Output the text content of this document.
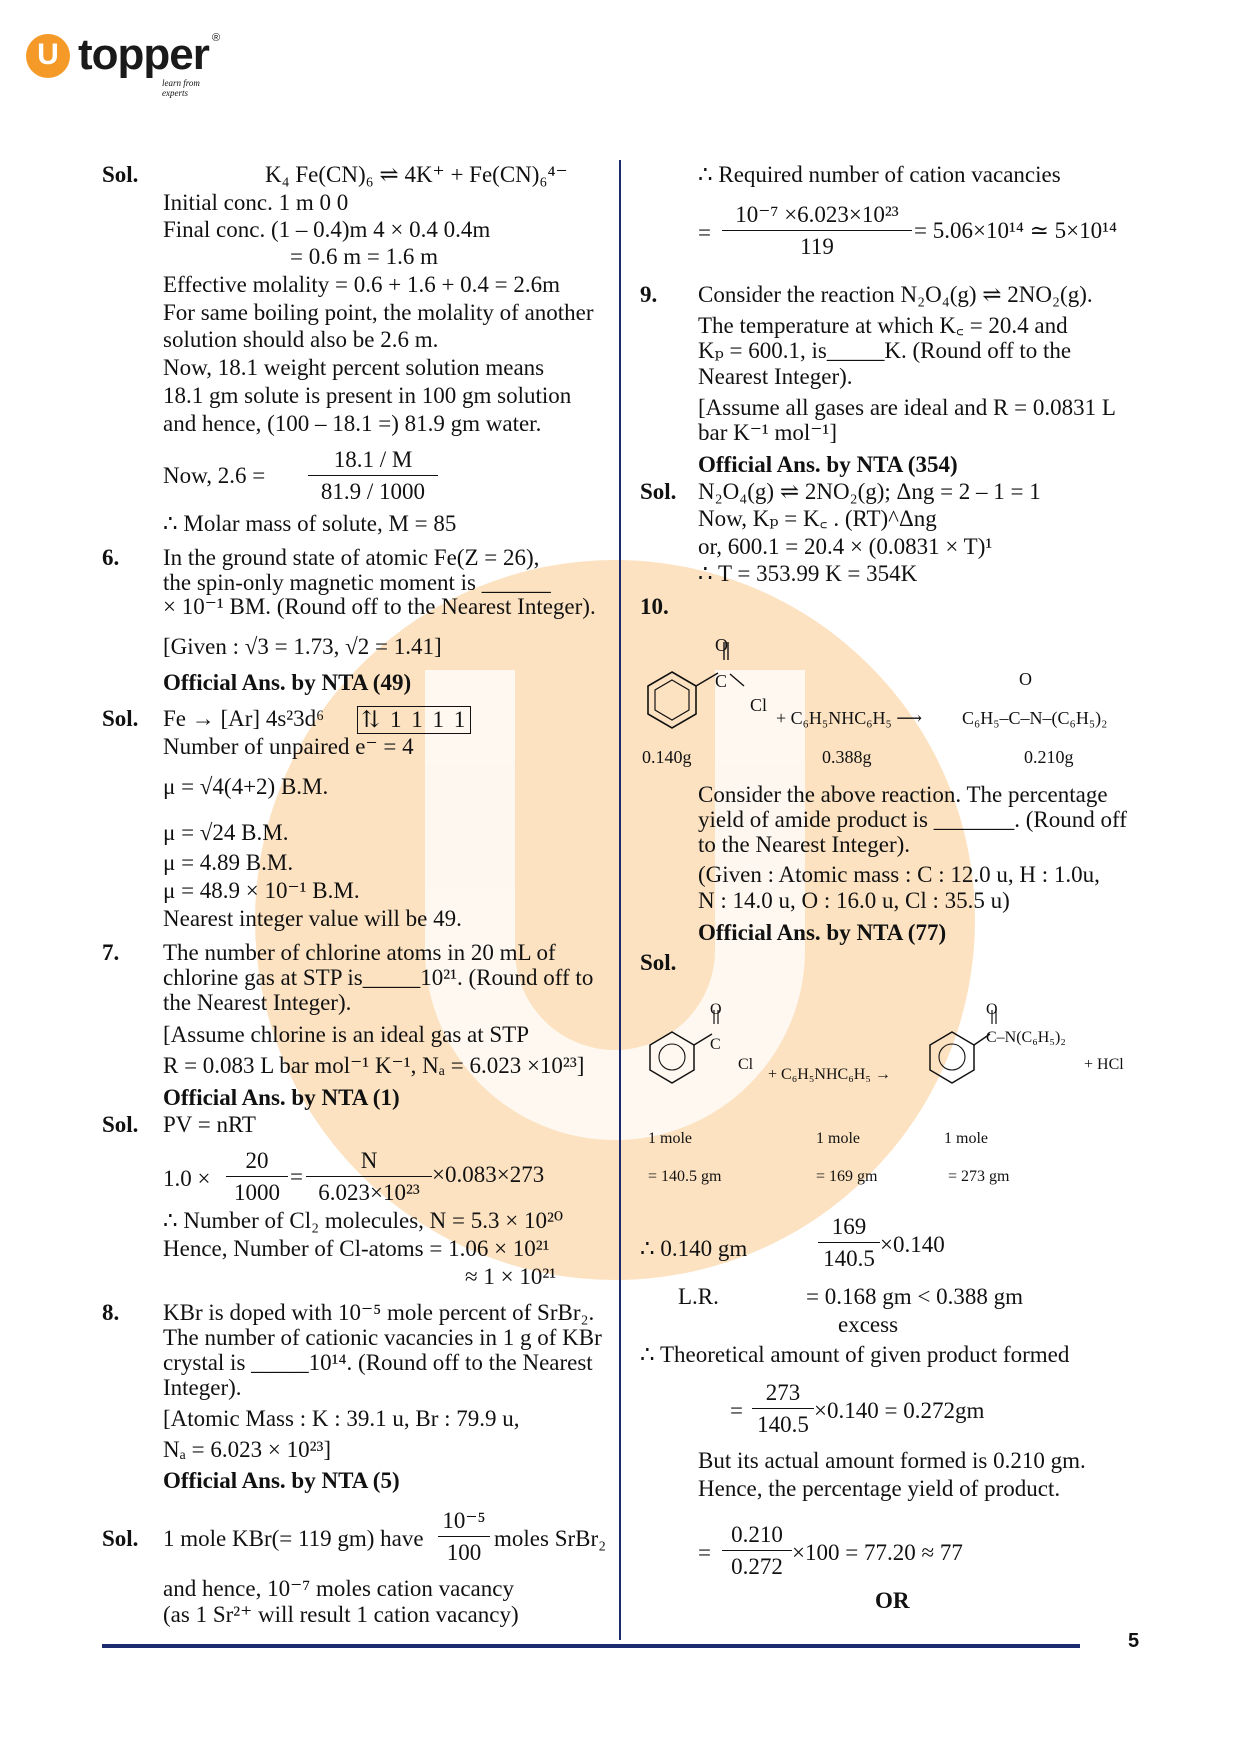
U topper ®
learn from experts
Sol.	K₄ Fe(CN)₆ ⇌ 4K⁺ + Fe(CN)₆⁴⁻
Initial conc. 1 m 0 0
Final conc. (1 – 0.4)m 4 × 0.4 0.4m
= 0.6 m = 1.6 m
Effective molality = 0.6 + 1.6 + 0.4 = 2.6m
For same boiling point, the molality of another
solution should also be 2.6 m.
Now, 18.1 weight percent solution means
18.1 gm solute is present in 100 gm solution
and hence, (100 – 18.1 =) 81.9 gm water.
Now, $2.6 = \frac{18.1 / M}{81.9 / 1000}$
∴ Molar mass of solute, M = 85
6. In the ground state of atomic Fe(Z = 26),
the spin-only magnetic moment is ______
× 10⁻¹ BM. (Round off to the Nearest Integer).
[Given : √3 = 1.73, √2 = 1.41]
Official Ans. by NTA (49)
Sol. Fe → [Ar] 4s²3d⁶ ⇅ 1 1 1 1
Number of unpaired e⁻ = 4
μ = √4(4+2) B.M.
μ = √24 B.M.
μ = 4.89 B.M.
μ = 48.9 × 10⁻¹ B.M.
Nearest integer value will be 49.
7. The number of chlorine atoms in 20 mL of
chlorine gas at STP is_____10²¹. (Round off to
the Nearest Integer).
[Assume chlorine is an ideal gas at STP
R = 0.083 L bar mol⁻¹ K⁻¹, Nₐ = 6.023 ×10²³]
Official Ans. by NTA (1)
Sol. PV = nRT
$1.0 \times \frac{20}{1000} = \frac{N}{\text{6.023×10²³}} \times 0.083\times 273$
∴ Number of Cl₂ molecules, N = 5.3 × 10²⁰
Hence, Number of Cl-atoms = 1.06 × 10²¹
≈ 1 × 10²¹
8. KBr is doped with 10⁻⁵ mole percent of SrBr₂.
The number of cationic vacancies in 1 g of KBr
crystal is _____10¹⁴. (Round off to the Nearest
Integer).
[Atomic Mass : K : 39.1 u, Br : 79.9 u,
Nₐ = 6.023 × 10²³]
Official Ans. by NTA (5)
Sol. 1 mole KBr(= 119 gm) have $\frac{\text{10⁻⁵}}{100}$ moles SrBr₂
and hence, 10⁻⁷ moles cation vacancy
(as 1 Sr²⁺ will result 1 cation vacancy)
∴ Required number of cation vacancies
= $\frac{\text{10⁻⁷ ×6.023×10²³}}{119} = 5.06\times 10^{14}$ ≃ 5×10¹⁴
9. Consider the reaction N₂O₄(g) ⇌ 2NO₂(g).
The temperature at which K꜀ = 20.4 and
Kₚ = 600.1, is_____K. (Round off to the
Nearest Integer).
[Assume all gases are ideal and R = 0.0831 L
bar K⁻¹ mol⁻¹]
Official Ans. by NTA (354)
Sol. N₂O₄(g) ⇌ 2NO₂(g); Δng = 2 – 1 = 1
Now, Kₚ = K꜀ . (RT)^Δng
or, 600.1 = 20.4 × (0.0831 × T)¹
∴ T = 353.99 K = 354K
10.
O
C
Cl
+ C₆H₅NHC₆H₅ ⟶ C₆H₅–C–N–(C₆H₅)₂
O
0.140g	0.388g	0.210g
Consider the above reaction. The percentage
yield of amide product is _______. (Round off
to the Nearest Integer).
(Given : Atomic mass : C : 12.0 u, H : 1.0u,
N : 14.0 u, O : 16.0 u, Cl : 35.5 u)
Official Ans. by NTA (77)
Sol.
O
C
Cl
+ C₆H₅NHC₆H₅ →
O
C–N(C₆H₅)₂
+ HCl
1 mole	1 mole	1 mole
= 140.5 gm	= 169 gm	= 273 gm
∴ 0.140 gm	$\frac{169}{140.5} \times 0.140$
L.R.	= 0.168 gm < 0.388 gm
excess
∴ Theoretical amount of given product formed
= $\frac{273}{140.5} \times 0.140 = 0.272gm$
But its actual amount formed is 0.210 gm.
Hence, the percentage yield of product.
= $\frac{0.210}{0.272} \times 100 = 77.20 \approx 77$
OR
5
